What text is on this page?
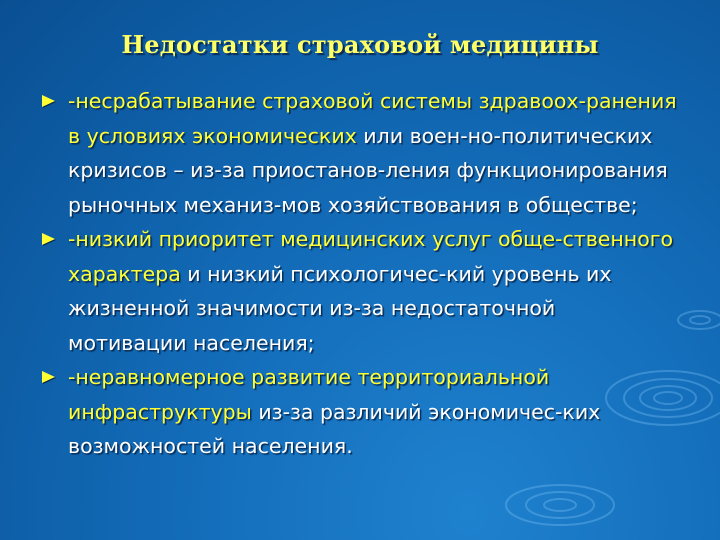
Недостатки страховой медицины
-несрабатывание страховой системы здравоох-ранения в условиях экономических или воен-но-политических кризисов – из-за приостанов-ления функционирования рыночных механиз-мов хозяйствования в обществе;
-низкий приоритет медицинских услуг обще-ственного характера и низкий психологичес-кий уровень их жизненной значимости из-за недостаточной мотивации населения;
-неравномерное развитие территориальной инфраструктуры из-за различий экономичес-ких возможностей населения.
